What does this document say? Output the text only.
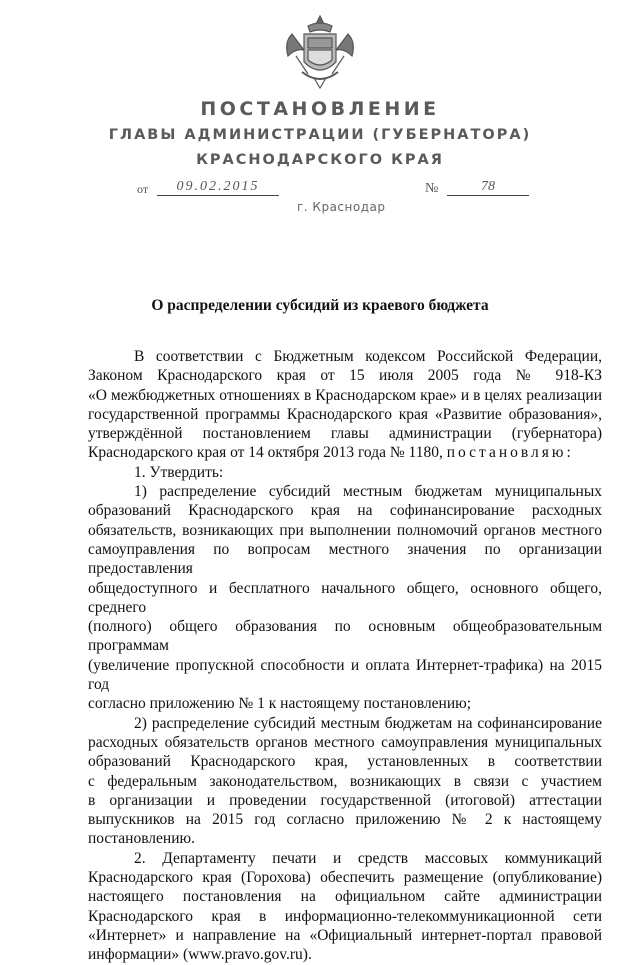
ПОСТАНОВЛЕНИЕ
ГЛАВЫ АДМИНИСТРАЦИИ (ГУБЕРНАТОРА)
КРАСНОДАРСКОГО КРАЯ
от	09.02.2015	№	78
г. Краснодар
О распределении субсидий из краевого бюджета

В соответствии с Бюджетным кодексом Российской Федерации,

Законом Краснодарского края от 15 июля 2005 года № 918-КЗ

«О межбюджетных отношениях в Краснодарском крае» и в целях реализации

государственной программы Краснодарского края «Развитие образования»,

утверждённой постановлением главы администрации (губернатора)

Краснодарского края от 14 октября 2013 года № 1180, постановляю:

1. Утвердить:

1) распределение субсидий местным бюджетам муниципальных

образований Краснодарского края на софинансирование расходных

обязательств, возникающих при выполнении полномочий органов местного

самоуправления по вопросам местного значения по организации предоставления

общедоступного и бесплатного начального общего, основного общего, среднего

(полного) общего образования по основным общеобразовательным программам

(увеличение пропускной способности и оплата Интернет-трафика) на 2015 год

согласно приложению № 1 к настоящему постановлению;

2) распределение субсидий местным бюджетам на софинансирование

расходных обязательств органов местного самоуправления муниципальных

образований Краснодарского края, установленных в соответствии

с федеральным законодательством, возникающих в связи с участием

в организации и проведении государственной (итоговой) аттестации

выпускников на 2015 год согласно приложению № 2 к настоящему

постановлению.

2. Департаменту печати и средств массовых коммуникаций

Краснодарского края (Горохова) обеспечить размещение (опубликование)

настоящего постановления на официальном сайте администрации

Краснодарского края в информационно-телекоммуникационной сети

«Интернет» и направление на «Официальный интернет-портал правовой

информации» (www.pravo.gov.ru).
